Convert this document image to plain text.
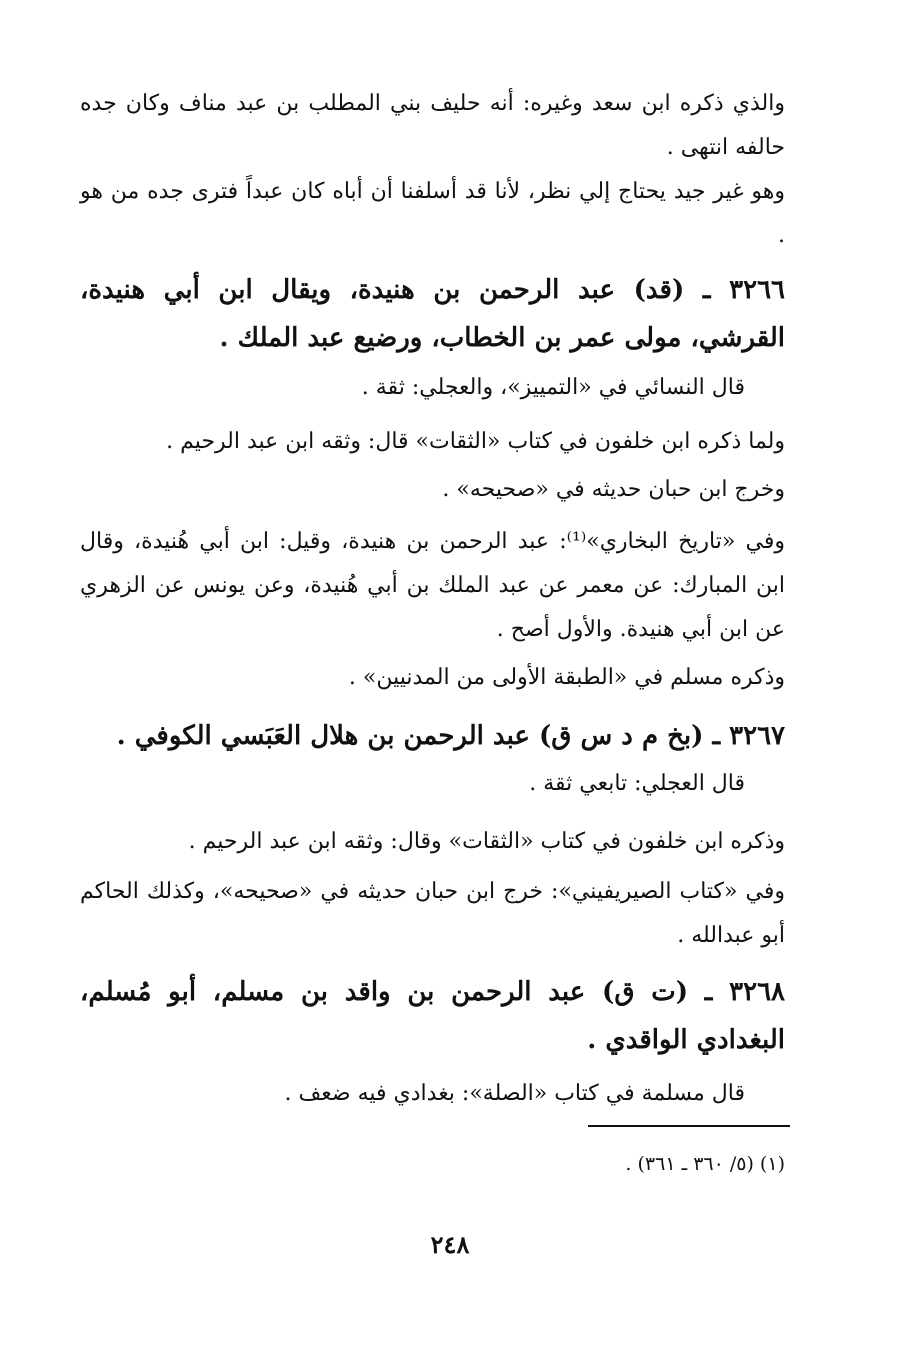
والذي ذكره ابن سعد وغيره: أنه حليف بني المطلب بن عبد مناف وكان جده حالفه انتهى .

وهو غير جيد يحتاج إلي نظر، لأنا قد أسلفنا أن أباه كان عبداً فترى جده من هو .

٣٢٦٦ ـ (قد) عبد الرحمن بن هنيدة، ويقال ابن أبي هنيدة، القرشي، مولى عمر بن الخطاب، ورضيع عبد الملك .

قال النسائي في «التمييز»، والعجلي: ثقة .

ولما ذكره ابن خلفون في كتاب «الثقات» قال: وثقه ابن عبد الرحيم .

وخرج ابن حبان حديثه في «صحيحه» .

وفي «تاريخ البخاري»⁽¹⁾: عبد الرحمن بن هنيدة، وقيل: ابن أبي هُنيدة، وقال ابن المبارك: عن معمر عن عبد الملك بن أبي هُنيدة، وعن يونس عن الزهري عن ابن أبي هنيدة. والأول أصح .

وذكره مسلم في «الطبقة الأولى من المدنيين» .

٣٢٦٧ ـ (بخ م د س ق) عبد الرحمن بن هلال العَبَسي الكوفي .

قال العجلي: تابعي ثقة .

وذكره ابن خلفون في كتاب «الثقات» وقال: وثقه ابن عبد الرحيم .

وفي «كتاب الصيريفيني»: خرج ابن حبان حديثه في «صحيحه»، وكذلك الحاكم أبو عبدالله .

٣٢٦٨ ـ (ت ق) عبد الرحمن بن واقد بن مسلم، أبو مُسلم، البغدادي الواقدي .

قال مسلمة في كتاب «الصلة»: بغدادي فيه ضعف .

(١) (٥/ ٣٦٠ ـ ٣٦١) .

٢٤٨
